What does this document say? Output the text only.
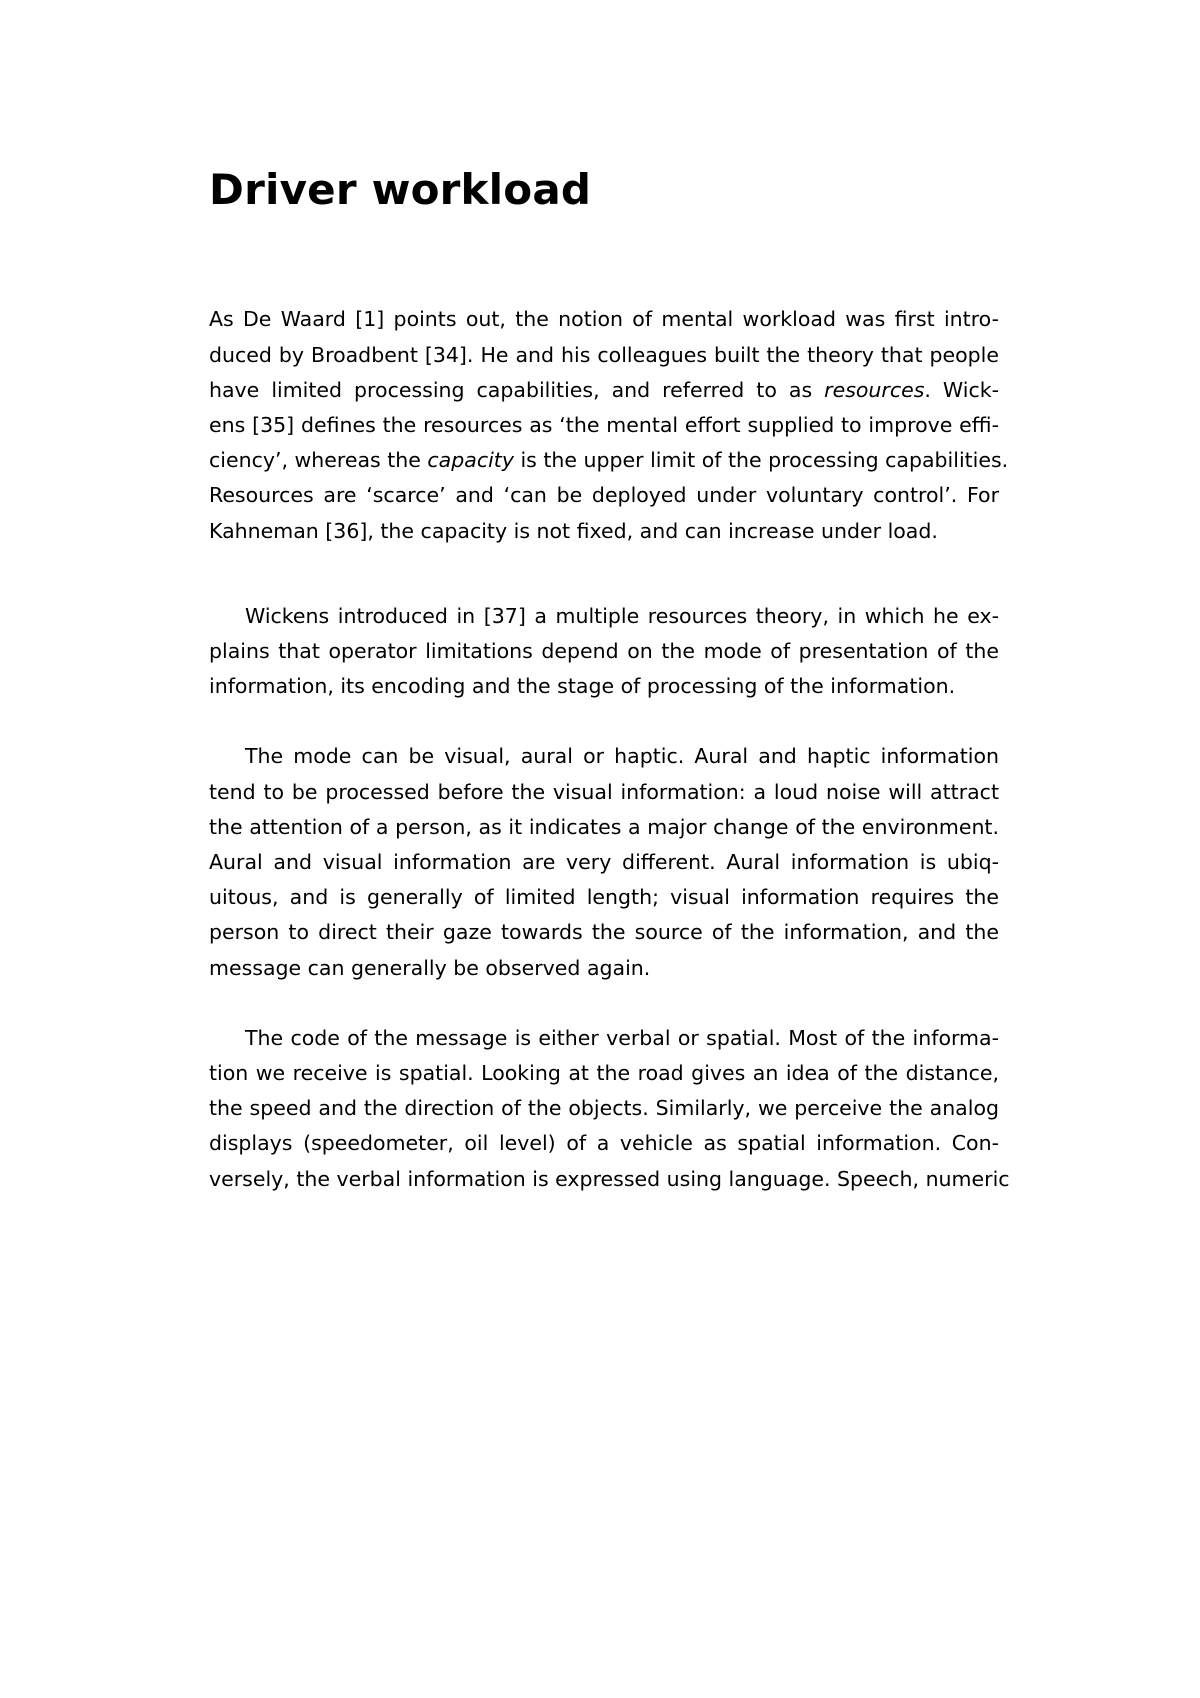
Driver workload
As De Waard [1] points out, the notion of mental workload was first intro-
duced by Broadbent [34]. He and his colleagues built the theory that people
have limited processing capabilities, and referred to as resources. Wick-
ens [35] defines the resources as ‘the mental effort supplied to improve effi-
ciency’, whereas the capacity is the upper limit of the processing capabilities.
Resources are ‘scarce’ and ‘can be deployed under voluntary control’. For
Kahneman [36], the capacity is not fixed, and can increase under load.
Wickens introduced in [37] a multiple resources theory, in which he ex-
plains that operator limitations depend on the mode of presentation of the
information, its encoding and the stage of processing of the information.
The mode can be visual, aural or haptic. Aural and haptic information
tend to be processed before the visual information: a loud noise will attract
the attention of a person, as it indicates a major change of the environment.
Aural and visual information are very different. Aural information is ubiq-
uitous, and is generally of limited length; visual information requires the
person to direct their gaze towards the source of the information, and the
message can generally be observed again.
The code of the message is either verbal or spatial. Most of the informa-
tion we receive is spatial. Looking at the road gives an idea of the distance,
the speed and the direction of the objects. Similarly, we perceive the analog
displays (speedometer, oil level) of a vehicle as spatial information. Con-
versely, the verbal information is expressed using language. Speech, numeric
